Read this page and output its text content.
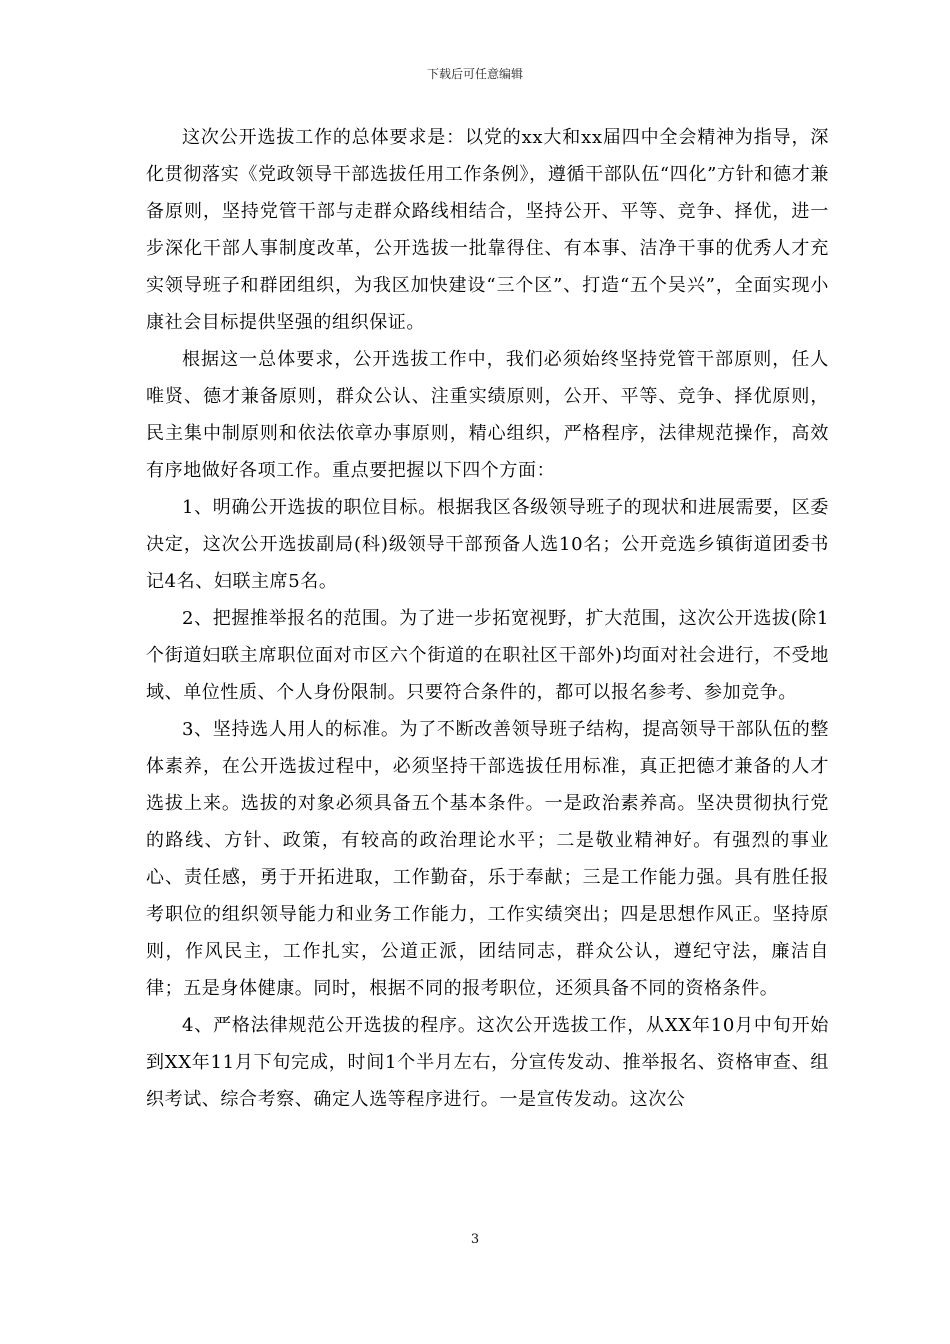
下载后可任意编辑

这次公开选拔工作的总体要求是：以党的xx大和xx届四中全会精神为指导，深化贯彻落实《党政领导干部选拔任用工作条例》，遵循干部队伍“四化”方针和德才兼备原则，坚持党管干部与走群众路线相结合，坚持公开、平等、竞争、择优，进一步深化干部人事制度改革，公开选拔一批靠得住、有本事、洁净干事的优秀人才充实领导班子和群团组织，为我区加快建设“三个区”、打造“五个吴兴”，全面实现小康社会目标提供坚强的组织保证。

根据这一总体要求，公开选拔工作中，我们必须始终坚持党管干部原则，任人唯贤、德才兼备原则，群众公认、注重实绩原则，公开、平等、竞争、择优原则，民主集中制原则和依法依章办事原则，精心组织，严格程序，法律规范操作，高效有序地做好各项工作。重点要把握以下四个方面：

1、明确公开选拔的职位目标。根据我区各级领导班子的现状和进展需要，区委决定，这次公开选拔副局(科)级领导干部预备人选10名；公开竞选乡镇街道团委书记4名、妇联主席5名。

2、把握推举报名的范围。为了进一步拓宽视野，扩大范围，这次公开选拔(除1个街道妇联主席职位面对市区六个街道的在职社区干部外)均面对社会进行，不受地域、单位性质、个人身份限制。只要符合条件的，都可以报名参考、参加竞争。

3、坚持选人用人的标准。为了不断改善领导班子结构，提高领导干部队伍的整体素养，在公开选拔过程中，必须坚持干部选拔任用标准，真正把德才兼备的人才选拔上来。选拔的对象必须具备五个基本条件。一是政治素养高。坚决贯彻执行党的路线、方针、政策，有较高的政治理论水平；二是敬业精神好。有强烈的事业心、责任感，勇于开拓进取，工作勤奋，乐于奉献；三是工作能力强。具有胜任报考职位的组织领导能力和业务工作能力，工作实绩突出；四是思想作风正。坚持原则，作风民主，工作扎实，公道正派，团结同志，群众公认，遵纪守法，廉洁自律；五是身体健康。同时，根据不同的报考职位，还须具备不同的资格条件。

4、严格法律规范公开选拔的程序。这次公开选拔工作，从XX年10月中旬开始到XX年11月下旬完成，时间1个半月左右，分宣传发动、推举报名、资格审查、组织考试、综合考察、确定人选等程序进行。一是宣传发动。这次公

3
